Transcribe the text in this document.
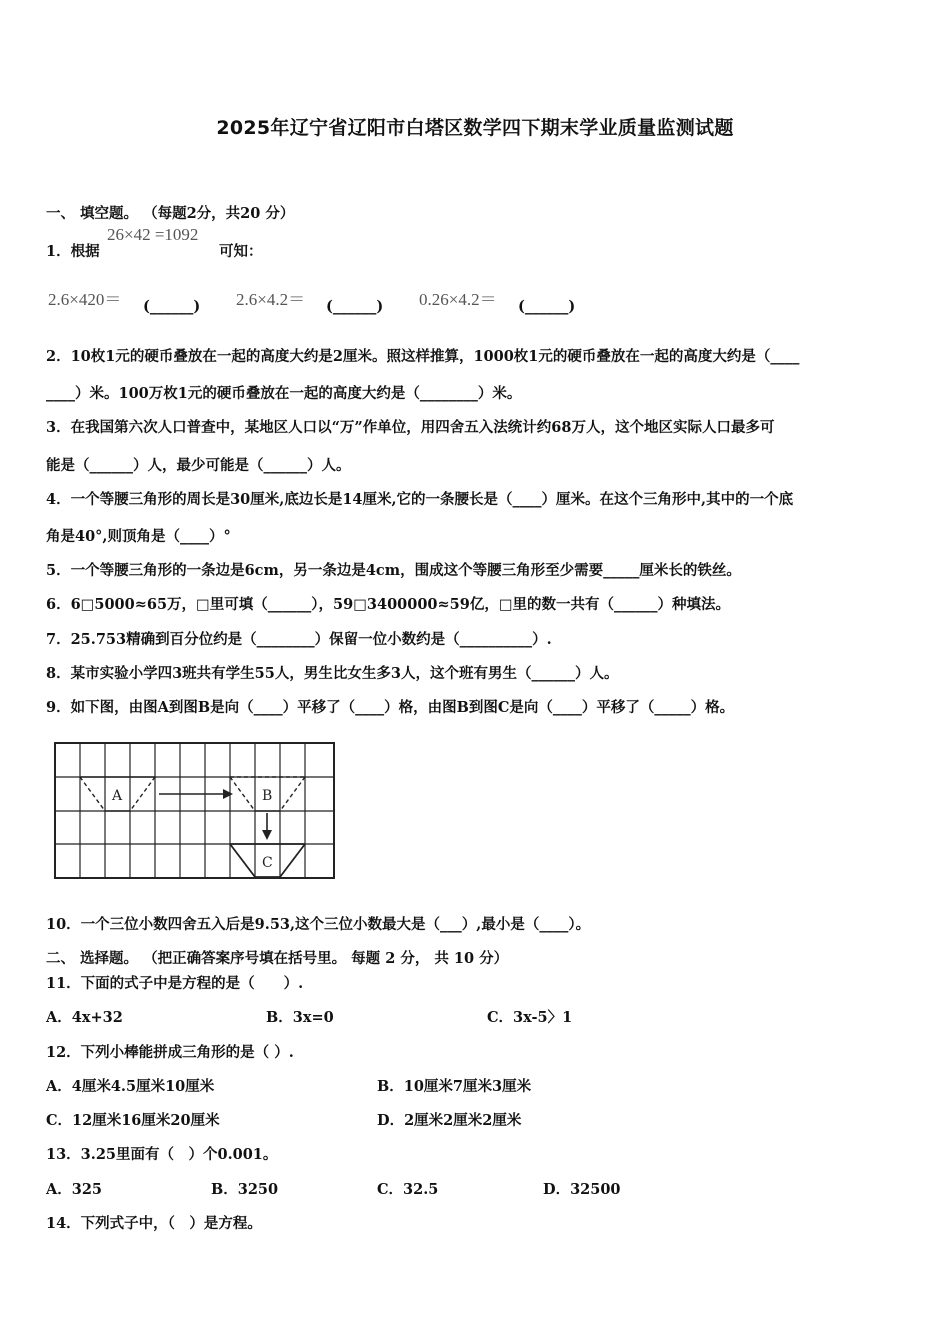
2025年辽宁省辽阳市白塔区数学四下期末学业质量监测试题
一、 填空题。 （每题2分，共20 分）
1．根据
26×42 =1092
可知：
2.6×420＝ (______) 2.6×4.2＝ (______) 0.26×4.2＝ (______)
2．10枚1元的硬币叠放在一起的高度大约是2厘米。照这样推算，1000枚1元的硬币叠放在一起的高度大约是（____
____）米。100万枚1元的硬币叠放在一起的高度大约是（________）米。
3．在我国第六次人口普查中，某地区人口以“万”作单位，用四舍五入法统计约68万人，这个地区实际人口最多可
能是（______）人，最少可能是（______）人。
4．一个等腰三角形的周长是30厘米,底边长是14厘米,它的一条腰长是（____）厘米。在这个三角形中,其中的一个底
角是40°,则顶角是（____）°
5．一个等腰三角形的一条边是6cm，另一条边是4cm，围成这个等腰三角形至少需要_____厘米长的铁丝。
6．6□5000≈65万，□里可填（______），59□3400000≈59亿，□里的数一共有（______）种填法。
7．25.753精确到百分位约是（________）保留一位小数约是（__________）.
8．某市实验小学四3班共有学生55人，男生比女生多3人，这个班有男生（______）人。
9．如下图，由图A到图B是向（____）平移了（____）格，由图B到图C是向（____）平移了（_____）格。
A	B
C
10．一个三位小数四舍五入后是9.53,这个三位小数最大是（___）,最小是（____）。
二、 选择题。 （把正确答案序号填在括号里。 每题 2 分， 共 10 分）
11．下面的式子中是方程的是（　　）.
A．4x+32	B．3x=0	C．3x-5〉1
12．下列小棒能拼成三角形的是（ ）.
A．4厘米4.5厘米10厘米	B．10厘米7厘米3厘米
C．12厘米16厘米20厘米	D．2厘米2厘米2厘米
13．3.25里面有（　）个0.001。
A．325	B．3250	C．32.5	D．32500
14．下列式子中，（　）是方程。
